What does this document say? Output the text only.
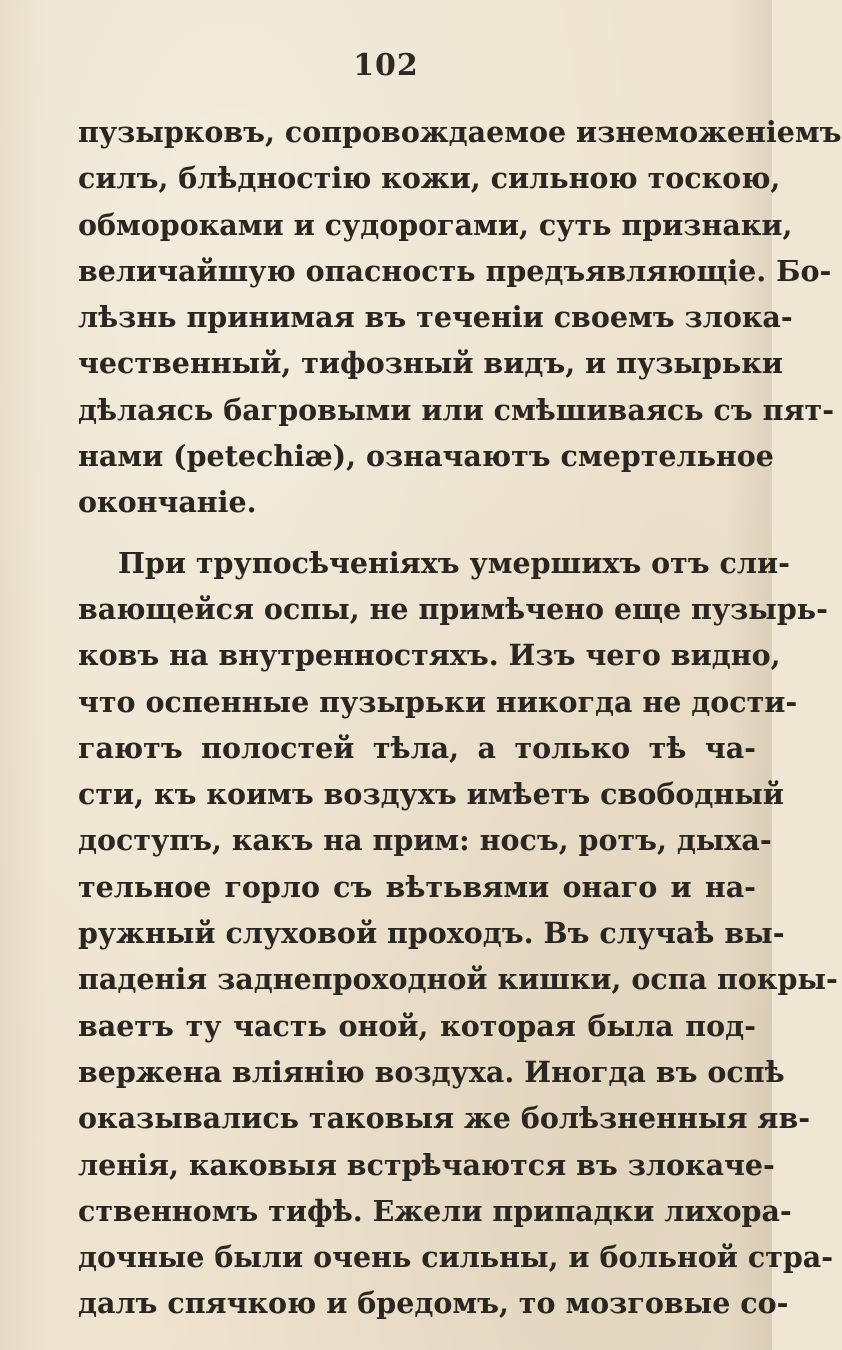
102
пузырковъ, сопровождаемое изнеможенiемъ
силъ, блѣдностiю кожи, сильною тоскою,
обмороками и судорогами, суть признаки,
величайшую опасность предъявляющiе. Бо-
лѣзнь принимая въ теченiи своемъ злока-
чественный, тифозный видъ, и пузырьки
дѣлаясь багровыми или смѣшиваясь съ пят-
нами (petechiæ), означаютъ смертельное
окончанiе.
При трупосѣченiяхъ умершихъ отъ сли-
вающейся оспы, не примѣчено еще пузырь-
ковъ на внутренностяхъ. Изъ чего видно,
что оспенные пузырьки никогда не дости-
гаютъ полостей тѣла, а только тѣ ча-
сти, къ коимъ воздухъ имѣетъ свободный
доступъ, какъ на прим: носъ, ротъ, дыха-
тельное горло съ вѣтьвями онаго и на-
ружный слуховой проходъ. Въ случаѣ вы-
паденiя заднепроходной кишки, оспа покры-
ваетъ ту часть оной, которая была под-
вержена влiянiю воздуха. Иногда въ оспѣ
оказывались таковыя же болѣзненныя яв-
ленiя, каковыя встрѣчаются въ злокаче-
ственномъ тифѣ. Ежели припадки лихора-
дочные были очень сильны, и больной стра-
далъ спячкою и бредомъ, то мозговые со-
